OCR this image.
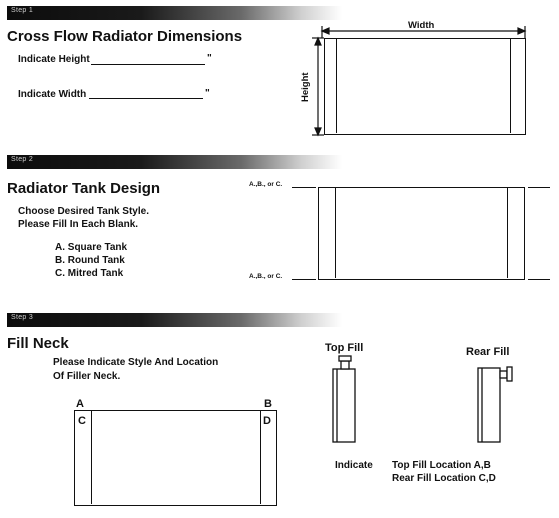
Step 1
Cross Flow Radiator Dimensions
Indicate Height	"
Indicate Width	"
Width
Height
Step 2
Radiator Tank Design
Choose Desired Tank Style.
Please Fill In Each Blank.
A. Square Tank
B. Round Tank
C. Mitred Tank
A.,B., or C.
A.,B., or C.
Step 3
Fill Neck
Please Indicate Style And Location
Of Filler Neck.
A	B
C	D
Top Fill	Rear Fill
Indicate Top Fill Location A,B
Rear Fill Location C,D
